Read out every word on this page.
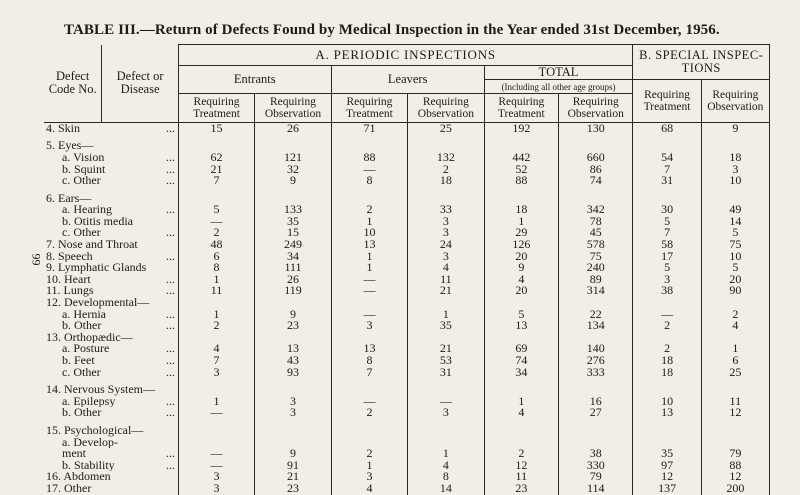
TABLE III.—Return of Defects Found by Medical Inspection in the Year ended 31st December, 1956.
99
Defect Code No.	Defect or Disease	A. PERIODIC INSPECTIONS						B. SPECIAL INSPEC- TIONS	
		Entrants		Leavers		TOTAL			
						(Including all other age groups)		Requiring Treatment	Requiring Observation
		Requiring Treatment	Requiring Observation	Requiring Treatment	Requiring Observation	Requiring Treatment	Requiring Observation		
4. Skin ...		15	26	71	25	192	130	68	9

5. Eyes—									
a. Vision ...		62	121	88	132	442	660	54	18
b. Squint ...		21	32	—	2	52	86	7	3
c. Other ...		7	9	8	18	88	74	31	10

6. Ears—									
a. Hearing ...		5	133	2	33	18	342	30	49
b. Otitis media		—	35	1	3	1	78	5	14
c. Other ...		2	15	10	3	29	45	7	5
7. Nose and Throat		48	249	13	24	126	578	58	75
8. Speech ...		6	34	1	3	20	75	17	10
9. Lymphatic Glands		8	111	1	4	9	240	5	5
10. Heart ...		1	26	—	11	4	89	3	20
11. Lungs ...		11	119	—	21	20	314	38	90
12. Developmental—									
a. Hernia ...		1	9	—	1	5	22	—	2
b. Other ...		2	23	3	35	13	134	2	4
13. Orthopædic—									
a. Posture ...		4	13	13	21	69	140	2	1
b. Feet ...		7	43	8	53	74	276	18	6
c. Other ...		3	93	7	31	34	333	18	25

14. Nervous System—									
a. Epilepsy ...		1	3	—	—	1	16	10	11
b. Other ...		—	3	2	3	4	27	13	12

15. Psychological—									
a. Develop-									
ment ...		—	9	2	1	2	38	35	79
b. Stability ...		—	91	1	4	12	330	97	88
16. Abdomen		3	21	3	8	11	79	12	12
17. Other		3	23	4	14	23	114	137	200
